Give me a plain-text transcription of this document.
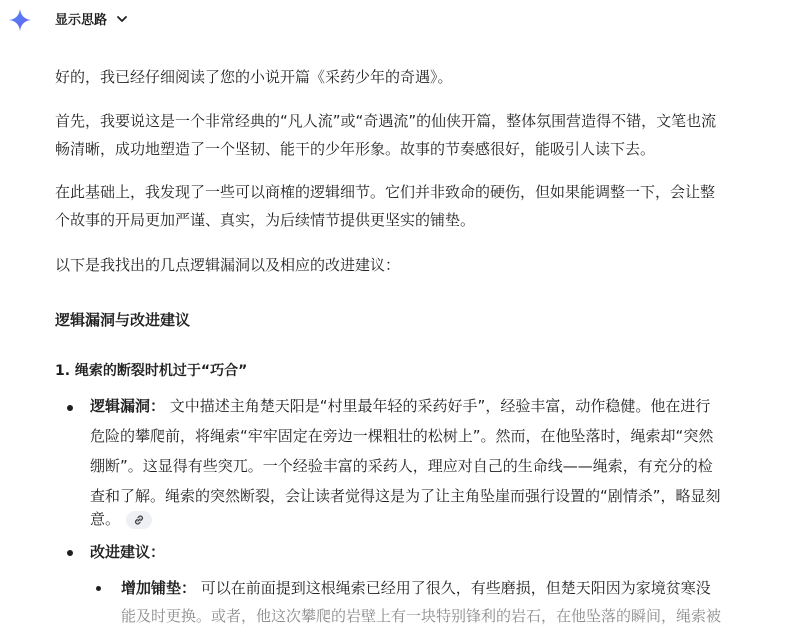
显示思路

好的，我已经仔细阅读了您的小说开篇《采药少年的奇遇》。

首先，我要说这是一个非常经典的“凡人流”或“奇遇流”的仙侠开篇，整体氛围营造得不错，文笔也流

畅清晰，成功地塑造了一个坚韧、能干的少年形象。故事的节奏感很好，能吸引人读下去。

在此基础上，我发现了一些可以商榷的逻辑细节。它们并非致命的硬伤，但如果能调整一下，会让整

个故事的开局更加严谨、真实，为后续情节提供更坚实的铺垫。

以下是我找出的几点逻辑漏洞以及相应的改进建议：

逻辑漏洞与改进建议
1. 绳索的断裂时机过于“巧合”
逻辑漏洞： 文中描述主角楚天阳是“村里最年轻的采药好手”，经验丰富，动作稳健。他在进行
危险的攀爬前，将绳索“牢牢固定在旁边一棵粗壮的松树上”。然而，在他坠落时，绳索却“突然
绷断”。这显得有些突兀。一个经验丰富的采药人，理应对自己的生命线——绳索，有充分的检
查和了解。绳索的突然断裂，会让读者觉得这是为了让主角坠崖而强行设置的“剧情杀”，略显刻
意。
改进建议：
增加铺垫： 可以在前面提到这根绳索已经用了很久，有些磨损，但楚天阳因为家境贫寒没
能及时更换。或者，他这次攀爬的岩壁上有一块特别锋利的岩石，在他坠落的瞬间，绳索被
